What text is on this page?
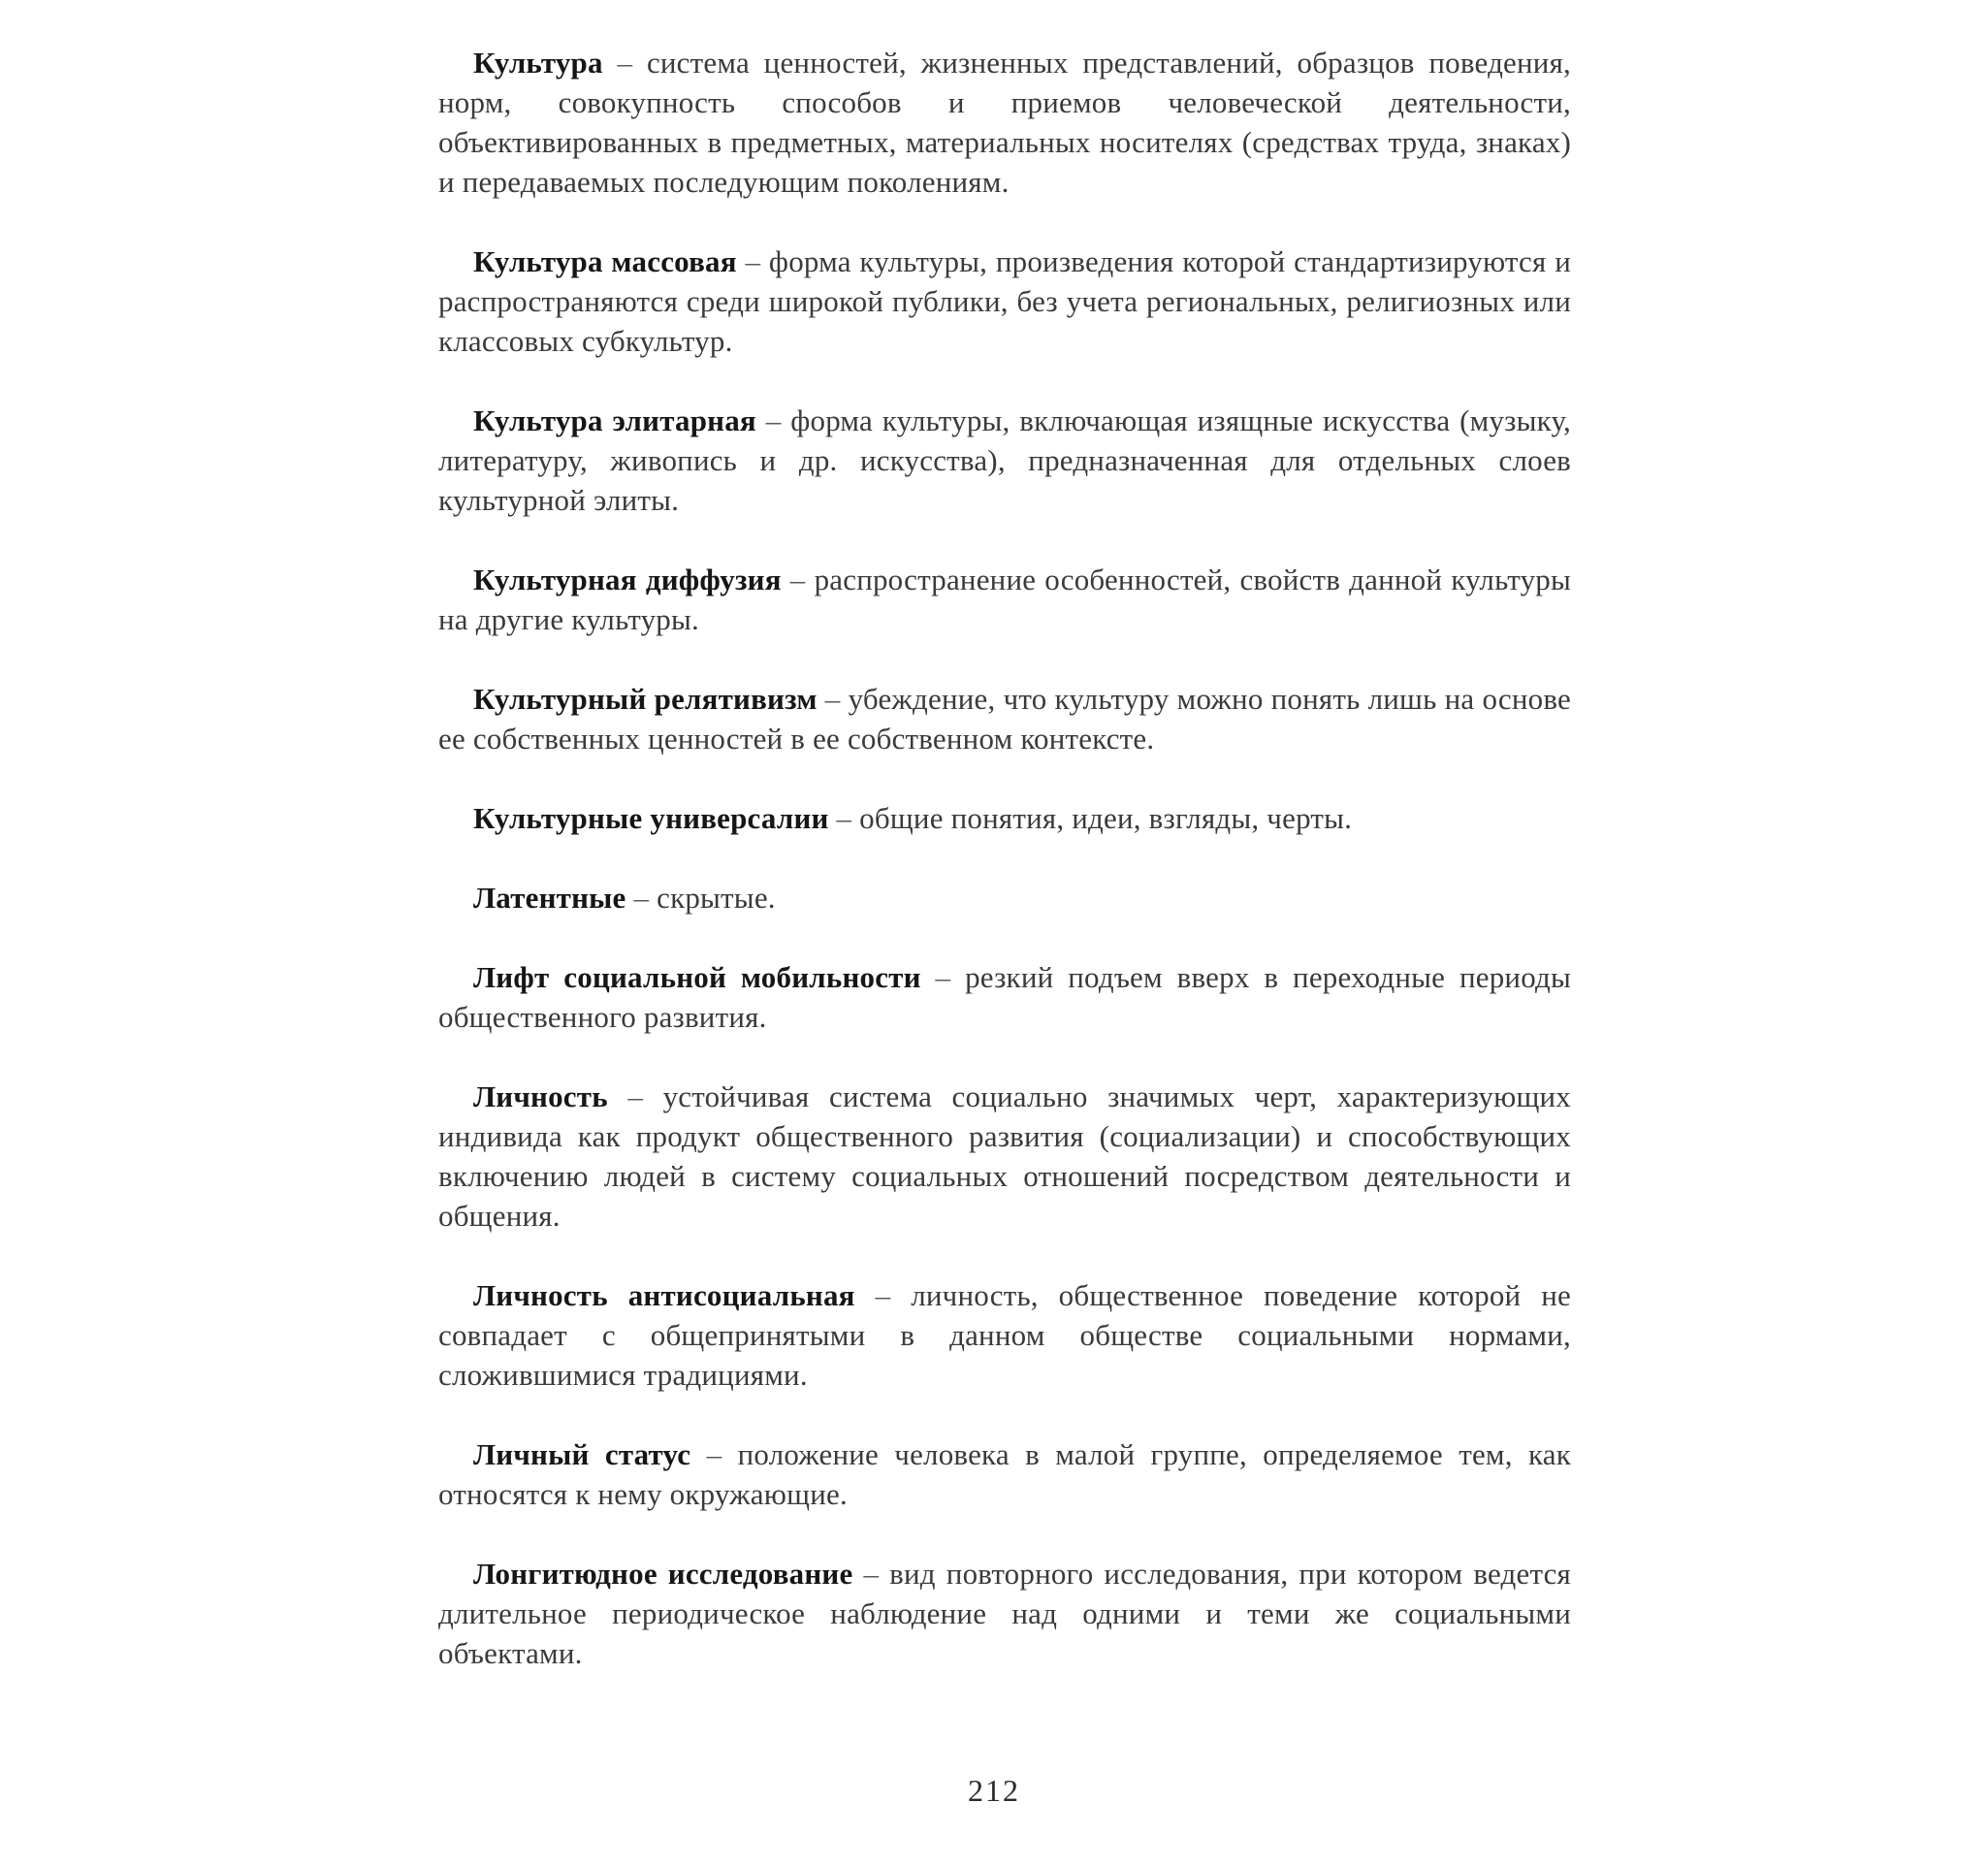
Культура – система ценностей, жизненных представлений, образцов поведения, норм, совокупность способов и приемов человеческой деятельности, объективированных в предметных, материальных носителях (средствах труда, знаках) и передаваемых последующим поколениям.

Культура массовая – форма культуры, произведения которой стандартизируются и распространяются среди широкой публики, без учета региональных, религиозных или классовых субкультур.

Культура элитарная – форма культуры, включающая изящные искусства (музыку, литературу, живопись и др. искусства), предназначенная для отдельных слоев культурной элиты.

Культурная диффузия – распространение особенностей, свойств данной культуры на другие культуры.

Культурный релятивизм – убеждение, что культуру можно понять лишь на основе ее собственных ценностей в ее собственном контексте.

Культурные универсалии – общие понятия, идеи, взгляды, черты.

Латентные – скрытые.

Лифт социальной мобильности – резкий подъем вверх в переходные периоды общественного развития.

Личность – устойчивая система социально значимых черт, характеризующих индивида как продукт общественного развития (социализации) и способствующих включению людей в систему социальных отношений посредством деятельности и общения.

Личность антисоциальная – личность, общественное поведение которой не совпадает с общепринятыми в данном обществе социальными нормами, сложившимися традициями.

Личный статус – положение человека в малой группе, определяемое тем, как относятся к нему окружающие.

Лонгитюдное исследование – вид повторного исследования, при котором ведется длительное периодическое наблюдение над одними и теми же социальными объектами.

212
